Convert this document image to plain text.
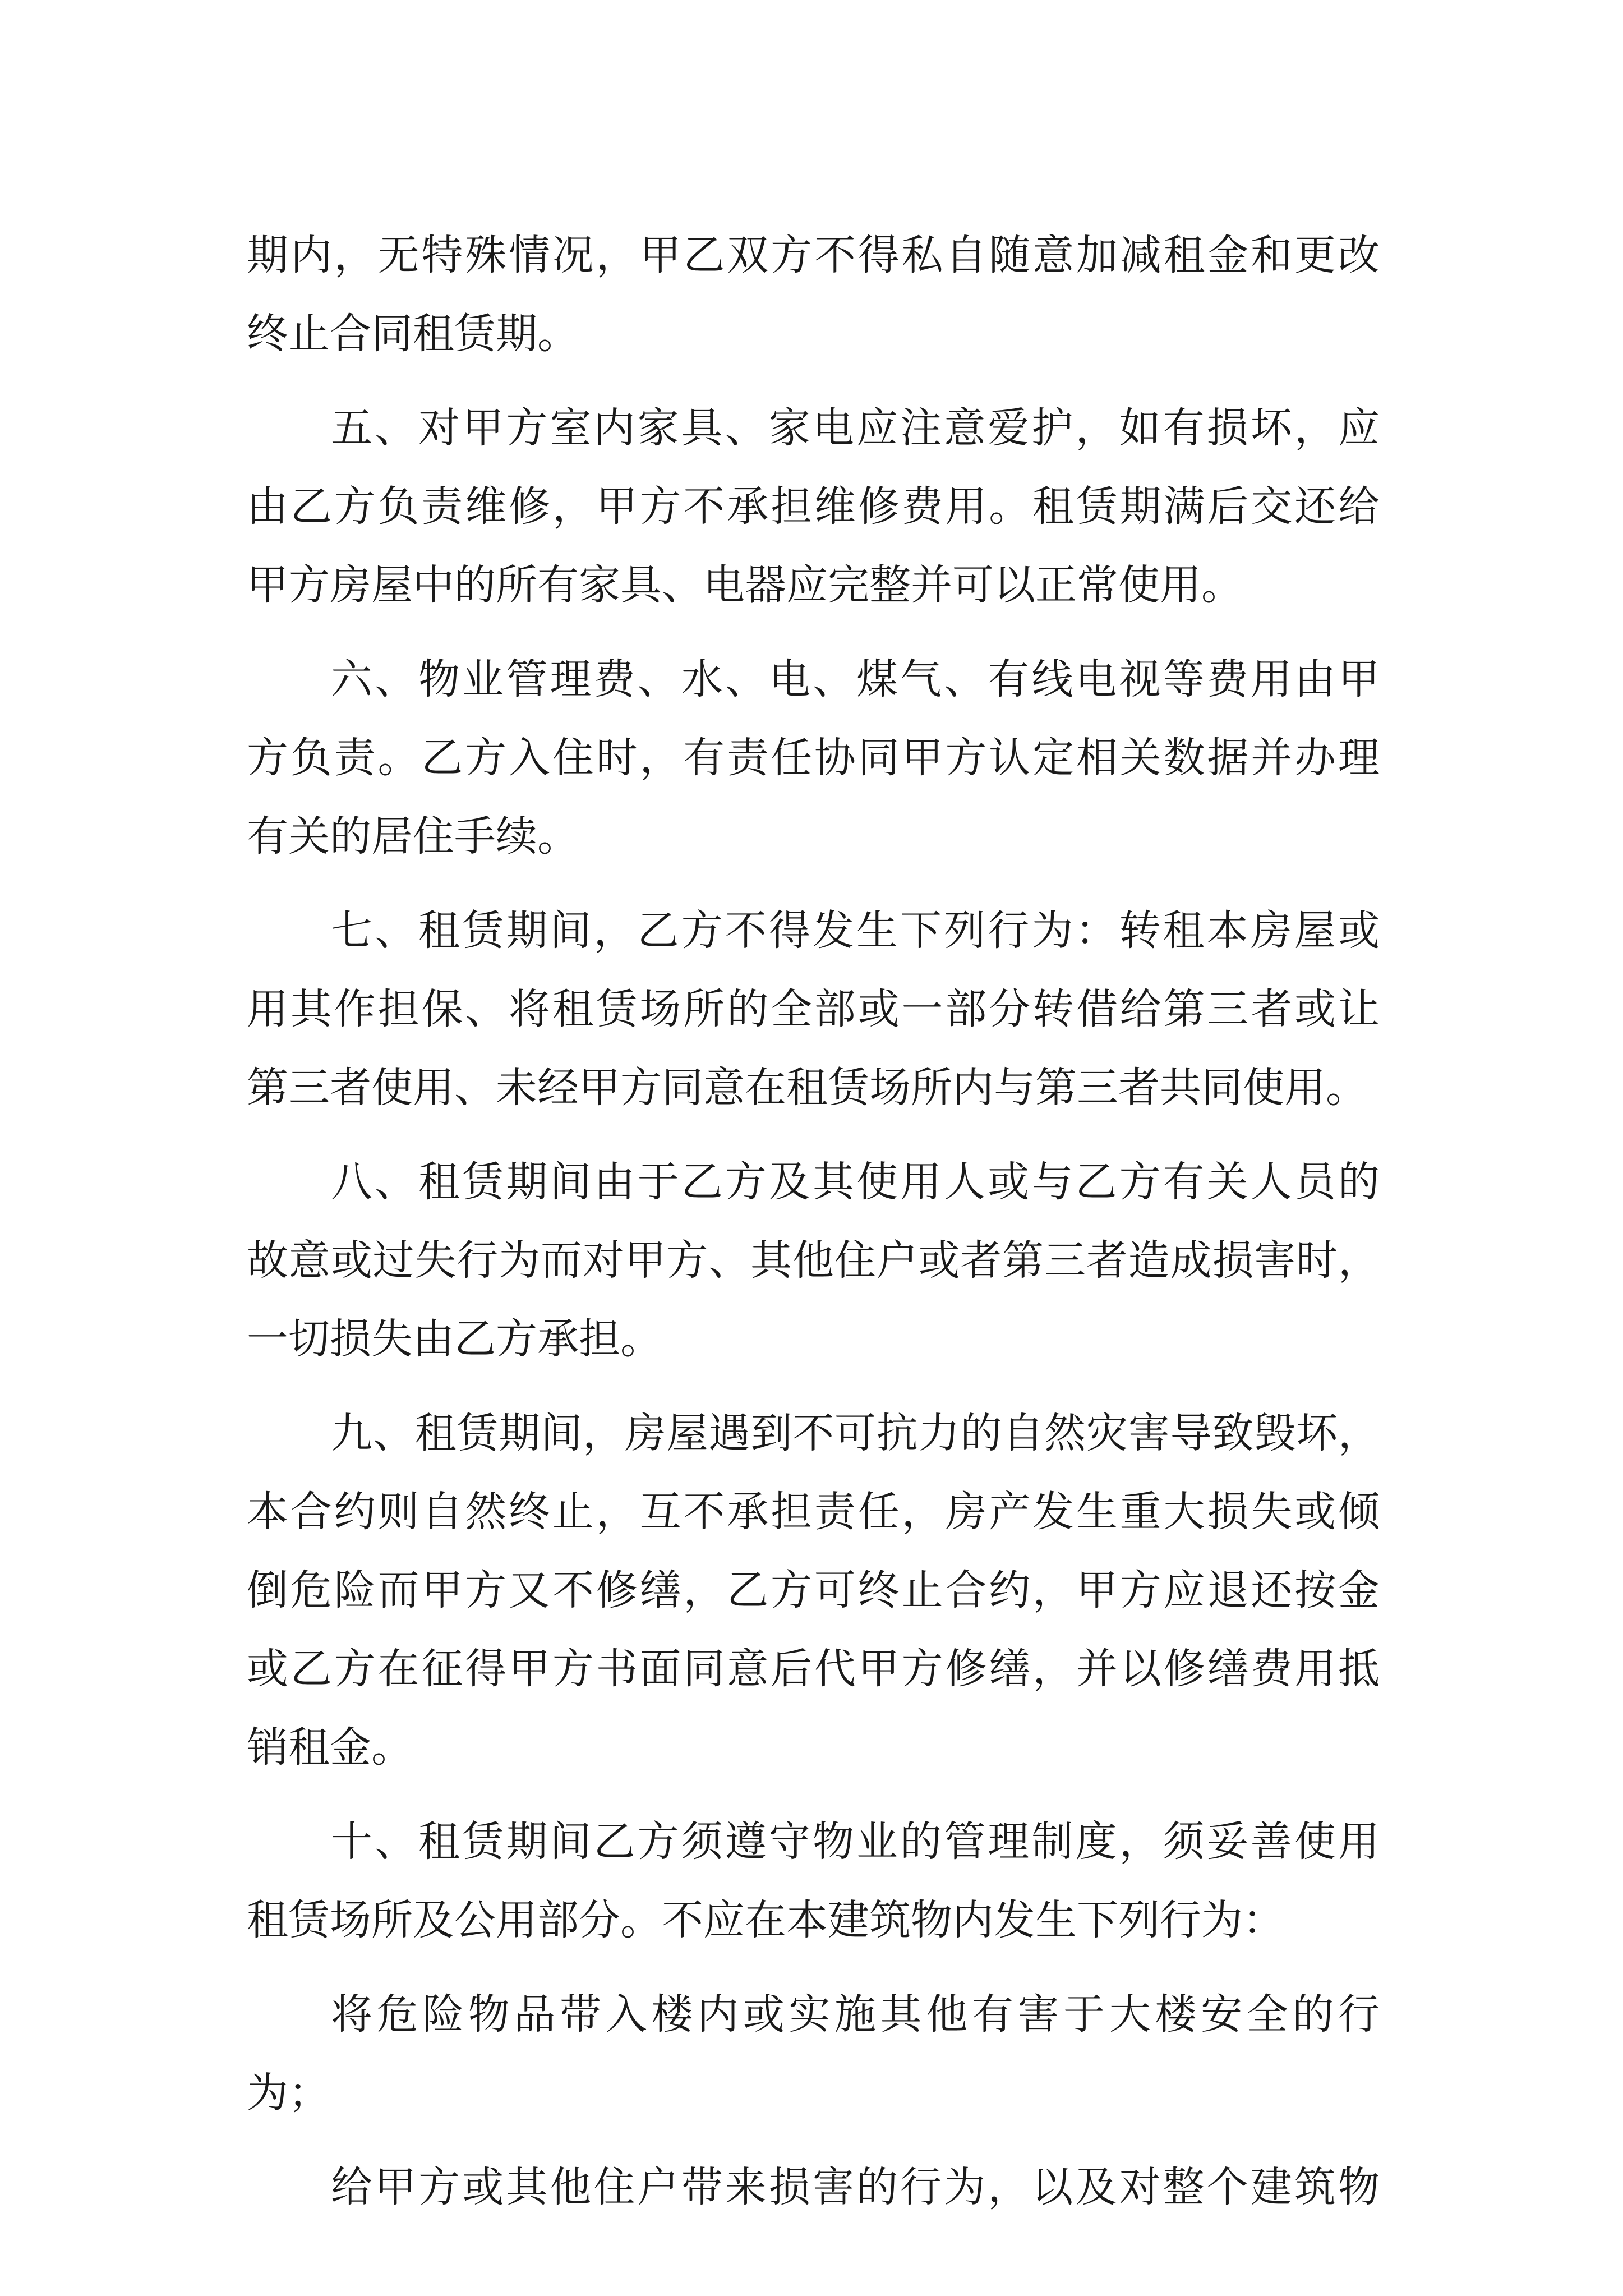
期内，无特殊情况，甲乙双方不得私自随意加减租金和更改
终止合同租赁期。
五、对甲方室内家具、家电应注意爱护，如有损坏，应
由乙方负责维修，甲方不承担维修费用。租赁期满后交还给
甲方房屋中的所有家具、电器应完整并可以正常使用。
六、物业管理费、水、电、煤气、有线电视等费用由甲
方负责。乙方入住时，有责任协同甲方认定相关数据并办理
有关的居住手续。
七、租赁期间，乙方不得发生下列行为：转租本房屋或
用其作担保、将租赁场所的全部或一部分转借给第三者或让
第三者使用、未经甲方同意在租赁场所内与第三者共同使用。
八、租赁期间由于乙方及其使用人或与乙方有关人员的
故意或过失行为而对甲方、其他住户或者第三者造成损害时，
一切损失由乙方承担。
九、租赁期间，房屋遇到不可抗力的自然灾害导致毁坏，
本合约则自然终止，互不承担责任，房产发生重大损失或倾
倒危险而甲方又不修缮，乙方可终止合约，甲方应退还按金
或乙方在征得甲方书面同意后代甲方修缮，并以修缮费用抵
销租金。
十、租赁期间乙方须遵守物业的管理制度，须妥善使用
租赁场所及公用部分。不应在本建筑物内发生下列行为：
将危险物品带入楼内或实施其他有害于大楼安全的行
为；
给甲方或其他住户带来损害的行为，以及对整个建筑物
